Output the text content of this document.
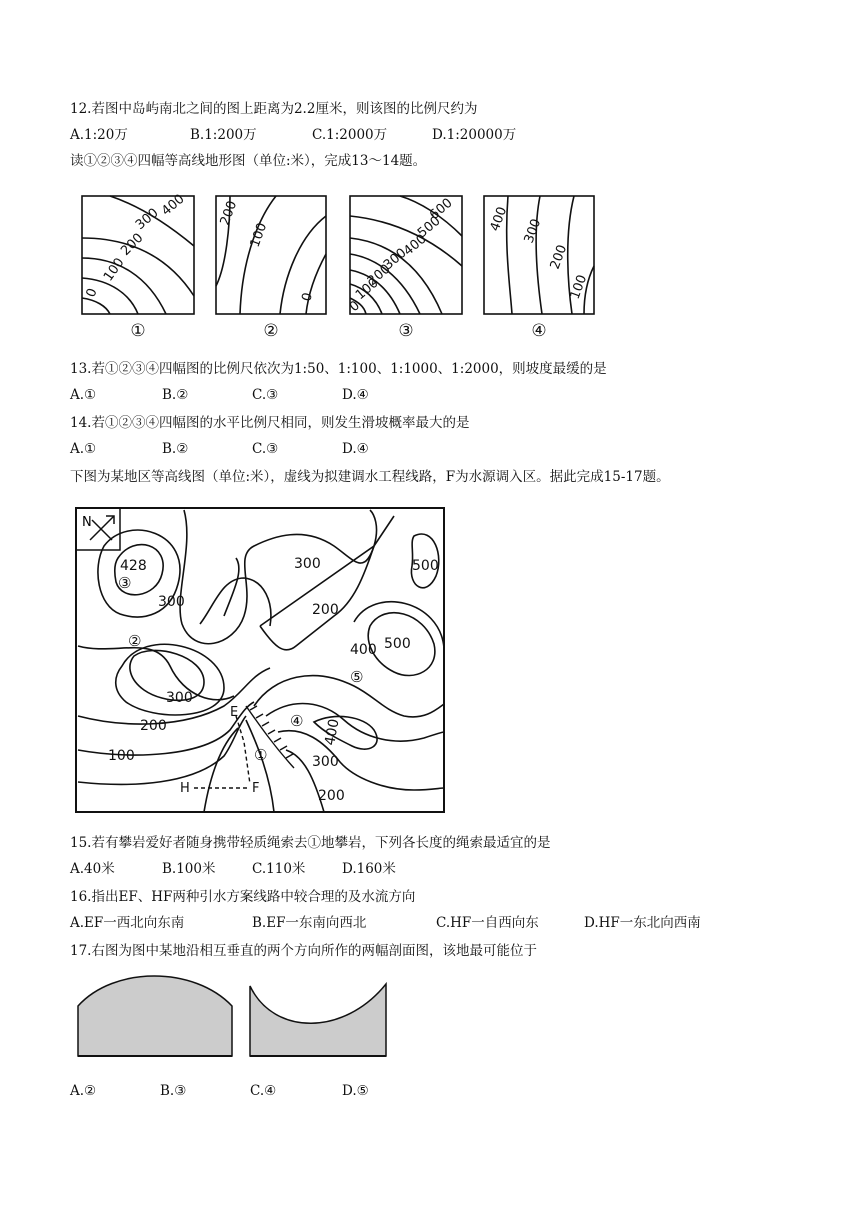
12.若图中岛屿南北之间的图上距离为2.2厘米，则该图的比例尺约为
A.1:20万	B.1:200万	C.1:2000万	D.1:20000万
读①②③④四幅等高线地形图（单位:米），完成13～14题。
400
300
200
100
0
200
100
0
600
500
400
300
200
100
0
400 300
200
100
①	②	③	④
13.若①②③④四幅图的比例尺依次为1:50、1:100、1:1000、1:2000，则坡度最缓的是
A.①	B.②	C.③	D.④
14.若①②③④四幅图的水平比例尺相同，则发生滑坡概率最大的是
A.①	B.②	C.③	D.④
下图为某地区等高线图（单位:米），虚线为拟建调水工程线路，F为水源调入区。据此完成15-17题。
N
428	300
300	200
500
500
400
300
200
100
400
300
200
③
②
⑤
④
①
E
H	F
15.若有攀岩爱好者随身携带轻质绳索去①地攀岩，下列各长度的绳索最适宜的是
A.40米	B.100米	C.110米	D.160米
16.指出EF、HF两种引水方案线路中较合理的及水流方向
A.EF一西北向东南	B.EF一东南向西北	C.HF一自西向东	D.HF一东北向西南
17.右图为图中某地沿相互垂直的两个方向所作的两幅剖面图，该地最可能位于
A.②	B.③	C.④	D.⑤
